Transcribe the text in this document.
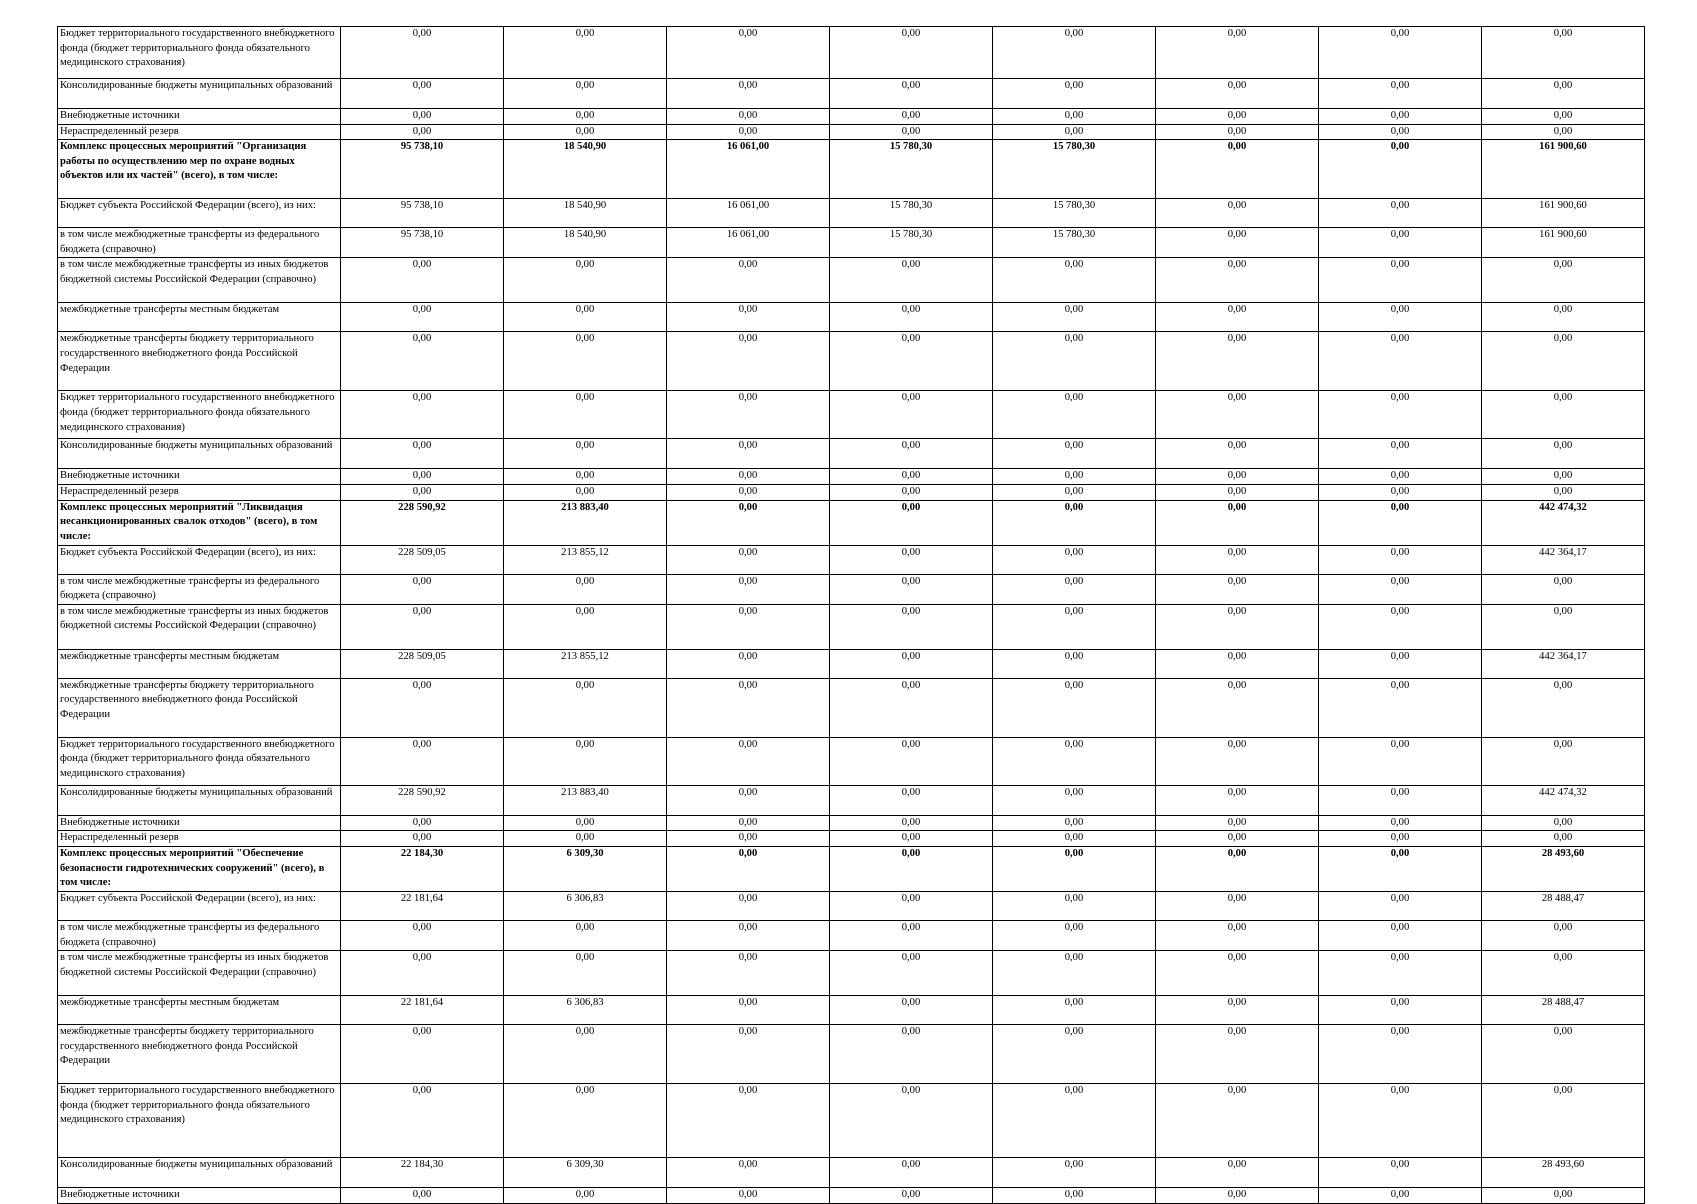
Бюджет территориального государственного внебюджетного фонда (бюджет территориального фонда обязательного медицинского страхования)	0,00	0,00	0,00	0,00	0,00	0,00	0,00	0,00
Консолидированные бюджеты муниципальных образований	0,00	0,00	0,00	0,00	0,00	0,00	0,00	0,00
Внебюджетные источники	0,00	0,00	0,00	0,00	0,00	0,00	0,00	0,00
Нераспределенный резерв	0,00	0,00	0,00	0,00	0,00	0,00	0,00	0,00
Комплекс процессных мероприятий "Организация работы по осуществлению мер по охране водных объектов или их частей" (всего), в том числе:	95 738,10	18 540,90	16 061,00	15 780,30	15 780,30	0,00	0,00	161 900,60
Бюджет субъекта Российской Федерации (всего), из них:	95 738,10	18 540,90	16 061,00	15 780,30	15 780,30	0,00	0,00	161 900,60
в том числе межбюджетные трансферты из федерального бюджета (справочно)	95 738,10	18 540,90	16 061,00	15 780,30	15 780,30	0,00	0,00	161 900,60
в том числе межбюджетные трансферты из иных бюджетов бюджетной системы Российской Федерации (справочно)	0,00	0,00	0,00	0,00	0,00	0,00	0,00	0,00
межбюджетные трансферты местным бюджетам	0,00	0,00	0,00	0,00	0,00	0,00	0,00	0,00
межбюджетные трансферты бюджету территориального государственного внебюджетного фонда Российской Федерации	0,00	0,00	0,00	0,00	0,00	0,00	0,00	0,00
Бюджет территориального государственного внебюджетного фонда (бюджет территориального фонда обязательного медицинского страхования)	0,00	0,00	0,00	0,00	0,00	0,00	0,00	0,00
Консолидированные бюджеты муниципальных образований	0,00	0,00	0,00	0,00	0,00	0,00	0,00	0,00
Внебюджетные источники	0,00	0,00	0,00	0,00	0,00	0,00	0,00	0,00
Нераспределенный резерв	0,00	0,00	0,00	0,00	0,00	0,00	0,00	0,00
Комплекс процессных мероприятий "Ликвидация несанкционированных свалок отходов" (всего), в том числе:	228 590,92	213 883,40	0,00	0,00	0,00	0,00	0,00	442 474,32
Бюджет субъекта Российской Федерации (всего), из них:	228 509,05	213 855,12	0,00	0,00	0,00	0,00	0,00	442 364,17
в том числе межбюджетные трансферты из федерального бюджета (справочно)	0,00	0,00	0,00	0,00	0,00	0,00	0,00	0,00
в том числе межбюджетные трансферты из иных бюджетов бюджетной системы Российской Федерации (справочно)	0,00	0,00	0,00	0,00	0,00	0,00	0,00	0,00
межбюджетные трансферты местным бюджетам	228 509,05	213 855,12	0,00	0,00	0,00	0,00	0,00	442 364,17
межбюджетные трансферты бюджету территориального государственного внебюджетного фонда Российской Федерации	0,00	0,00	0,00	0,00	0,00	0,00	0,00	0,00
Бюджет территориального государственного внебюджетного фонда (бюджет территориального фонда обязательного медицинского страхования)	0,00	0,00	0,00	0,00	0,00	0,00	0,00	0,00
Консолидированные бюджеты муниципальных образований	228 590,92	213 883,40	0,00	0,00	0,00	0,00	0,00	442 474,32
Внебюджетные источники	0,00	0,00	0,00	0,00	0,00	0,00	0,00	0,00
Нераспределенный резерв	0,00	0,00	0,00	0,00	0,00	0,00	0,00	0,00
Комплекс процессных мероприятий "Обеспечение безопасности гидротехнических сооружений" (всего), в том числе:	22 184,30	6 309,30	0,00	0,00	0,00	0,00	0,00	28 493,60
Бюджет субъекта Российской Федерации (всего), из них:	22 181,64	6 306,83	0,00	0,00	0,00	0,00	0,00	28 488,47
в том числе межбюджетные трансферты из федерального бюджета (справочно)	0,00	0,00	0,00	0,00	0,00	0,00	0,00	0,00
в том числе межбюджетные трансферты из иных бюджетов бюджетной системы Российской Федерации (справочно)	0,00	0,00	0,00	0,00	0,00	0,00	0,00	0,00
межбюджетные трансферты местным бюджетам	22 181,64	6 306,83	0,00	0,00	0,00	0,00	0,00	28 488,47
межбюджетные трансферты бюджету территориального государственного внебюджетного фонда Российской Федерации	0,00	0,00	0,00	0,00	0,00	0,00	0,00	0,00
Бюджет территориального государственного внебюджетного фонда (бюджет территориального фонда обязательного медицинского страхования)	0,00	0,00	0,00	0,00	0,00	0,00	0,00	0,00
Консолидированные бюджеты муниципальных образований	22 184,30	6 309,30	0,00	0,00	0,00	0,00	0,00	28 493,60
Внебюджетные источники	0,00	0,00	0,00	0,00	0,00	0,00	0,00	0,00
